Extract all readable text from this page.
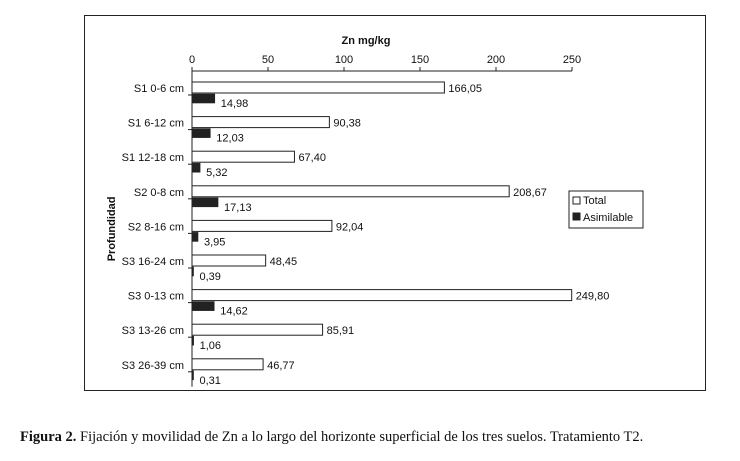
0	50	100	150	200	250
Zn mg/kg
Profundidad
S1 0-6 cm	166,05
14,98
S1 6-12 cm	90,38
12,03
S1 12-18 cm	67,40
5,32
S2 0-8 cm	208,67
17,13
S2 8-16 cm	92,04
3,95
S3 16-24 cm	48,45
0,39
S3 0-13 cm	249,80
14,62
S3 13-26 cm	85,91
1,06
S3 26-39 cm	46,77
0,31
Total
Asimilable
Figura 2. Fijación y movilidad de Zn a lo largo del horizonte superficial de los tres suelos. Tratamiento T2.
